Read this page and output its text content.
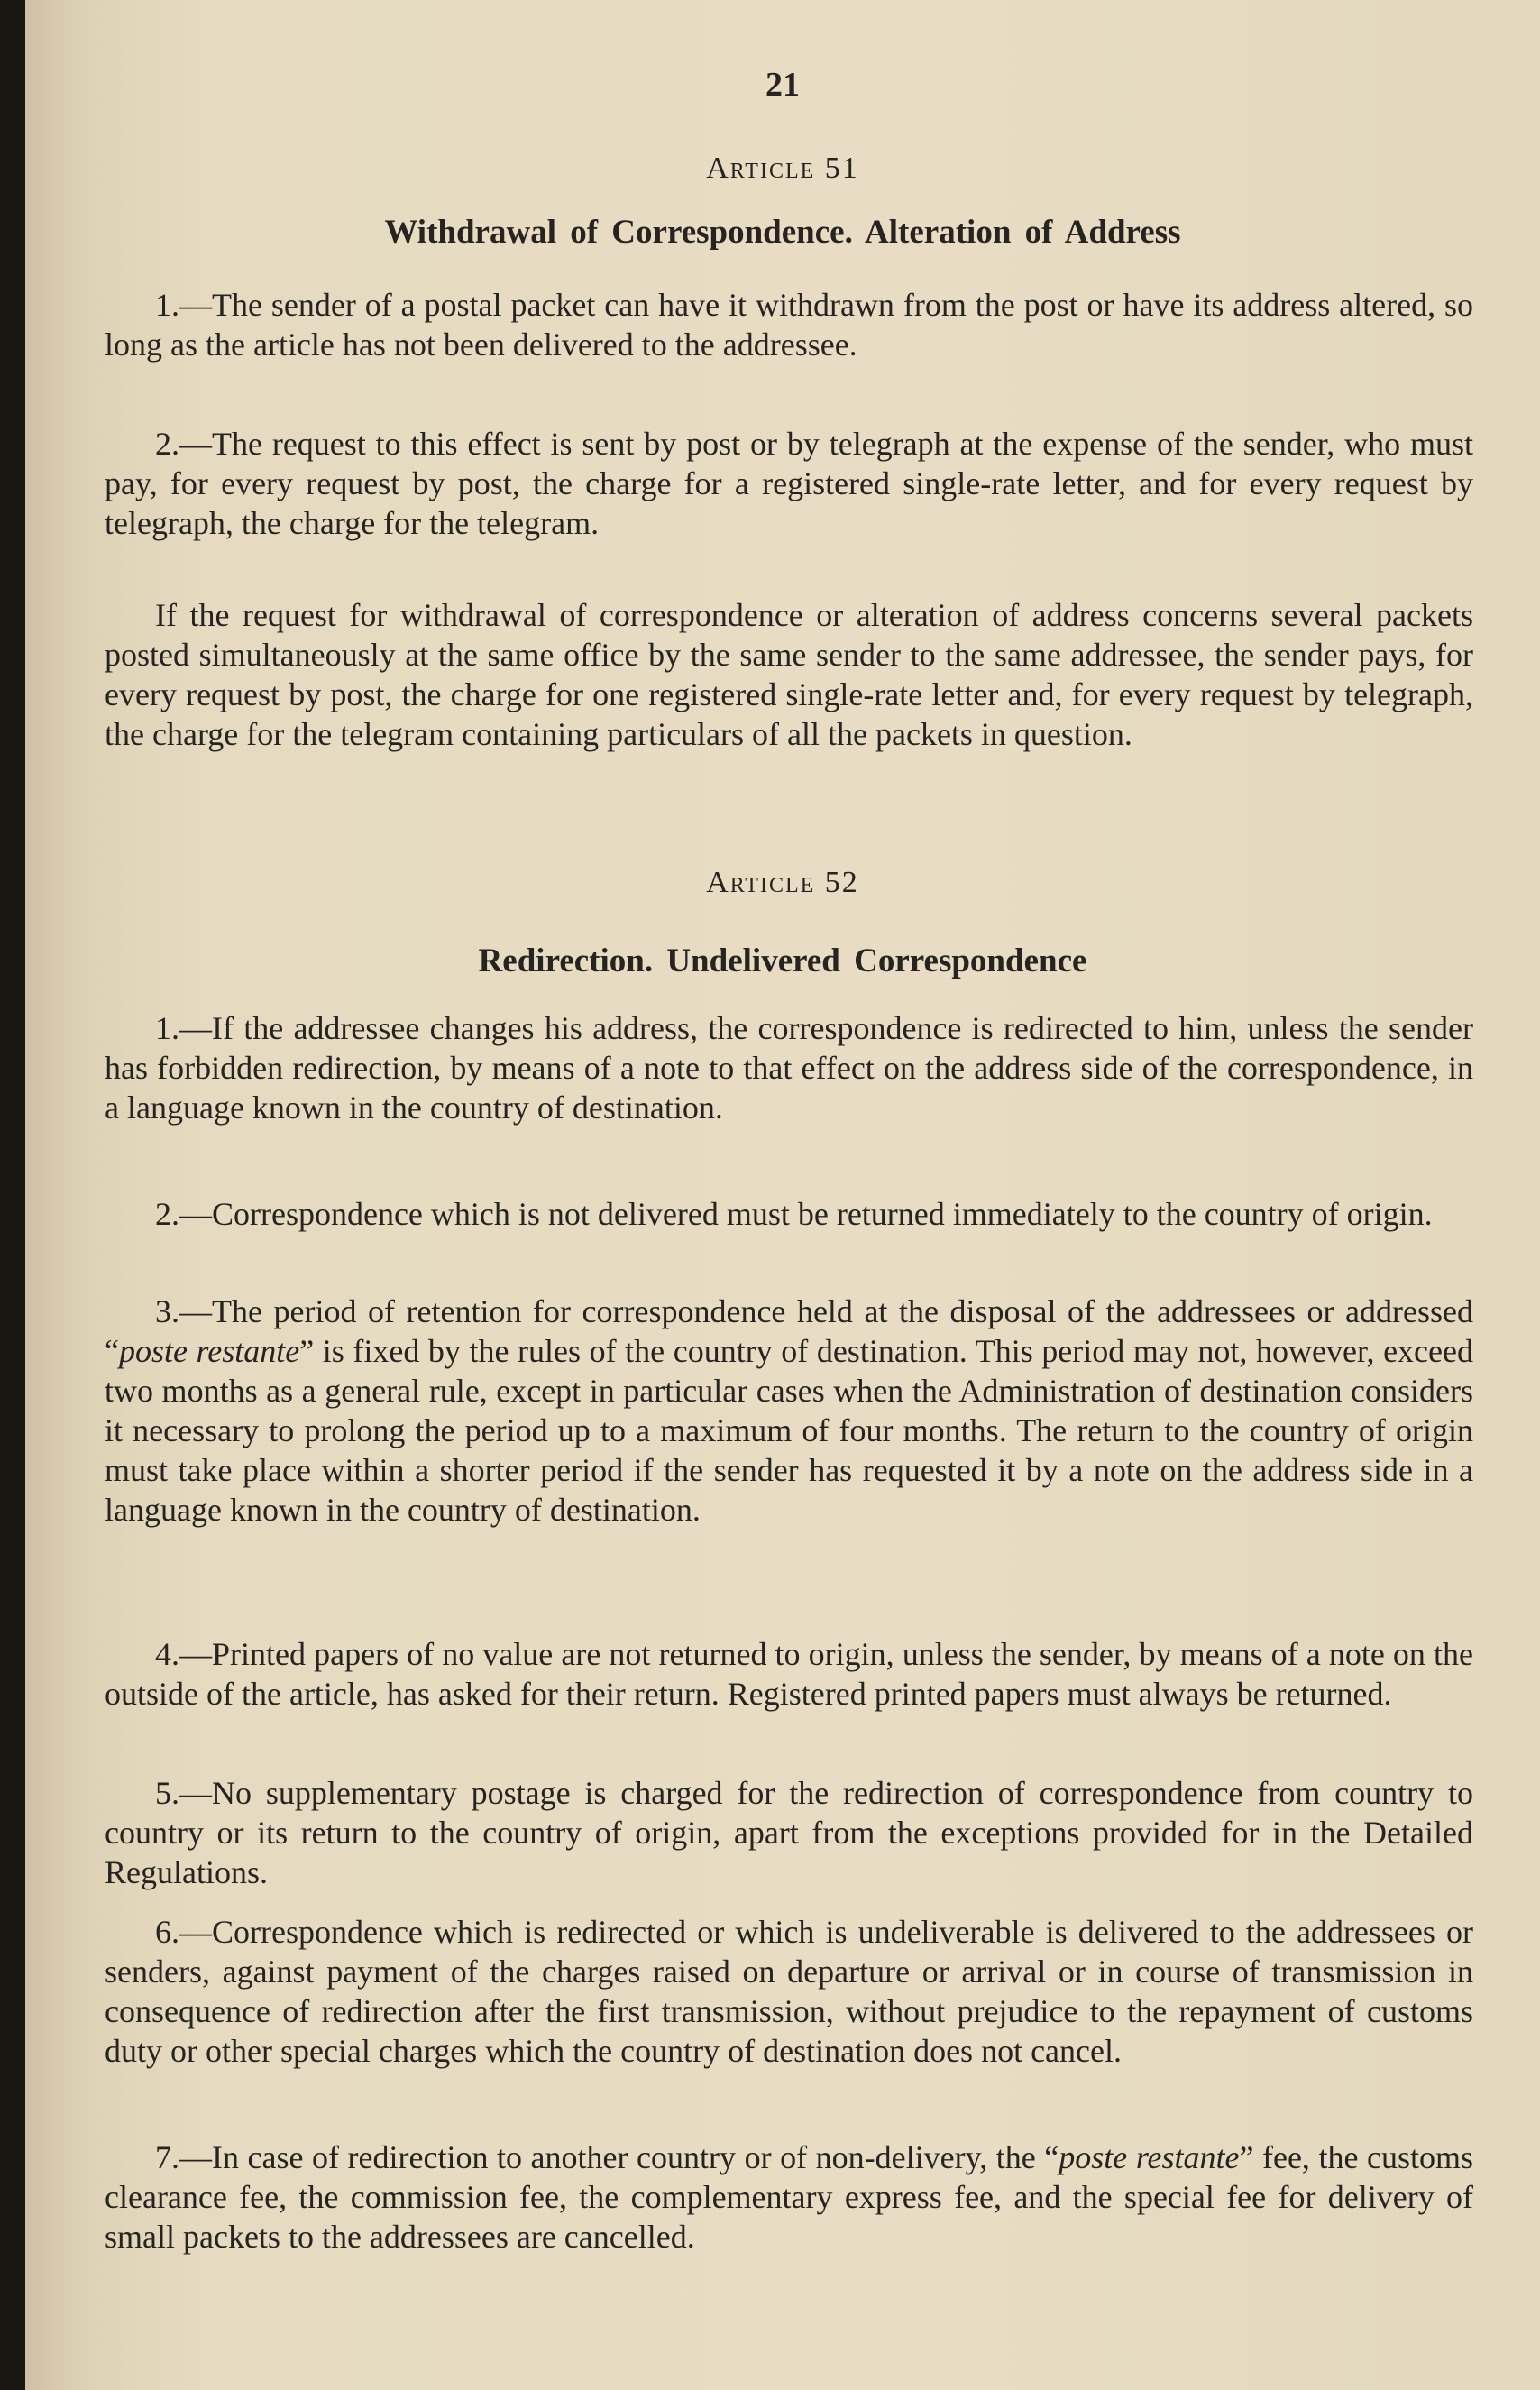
21

Article 51

Withdrawal of Correspondence. Alteration of Address

1.—The sender of a postal packet can have it withdrawn from the post or have its address altered, so long as the article has not been delivered to the addressee.

2.—The request to this effect is sent by post or by telegraph at the expense of the sender, who must pay, for every request by post, the charge for a registered single-rate letter, and for every request by telegraph, the charge for the telegram.

If the request for withdrawal of correspondence or alteration of address concerns several packets posted simultaneously at the same office by the same sender to the same addressee, the sender pays, for every request by post, the charge for one registered single-rate letter and, for every request by telegraph, the charge for the telegram containing particulars of all the packets in question.

Article 52

Redirection. Undelivered Correspondence

1.—If the addressee changes his address, the correspondence is redirected to him, unless the sender has forbidden redirection, by means of a note to that effect on the address side of the correspondence, in a language known in the country of destination.

2.—Correspondence which is not delivered must be returned immediately to the country of origin.

3.—The period of retention for correspondence held at the disposal of the addressees or addressed “poste restante” is fixed by the rules of the country of destination. This period may not, however, exceed two months as a general rule, except in particular cases when the Administration of destination considers it necessary to prolong the period up to a maximum of four months. The return to the country of origin must take place within a shorter period if the sender has requested it by a note on the address side in a language known in the country of destination.

4.—Printed papers of no value are not returned to origin, unless the sender, by means of a note on the outside of the article, has asked for their return. Registered printed papers must always be returned.

5.—No supplementary postage is charged for the redirection of correspondence from country to country or its return to the country of origin, apart from the exceptions provided for in the Detailed Regulations.

6.—Correspondence which is redirected or which is undeliverable is delivered to the addressees or senders, against payment of the charges raised on departure or arrival or in course of transmission in consequence of redirection after the first transmission, without prejudice to the repayment of customs duty or other special charges which the country of destination does not cancel.

7.—In case of redirection to another country or of non-delivery, the “poste restante” fee, the customs clearance fee, the commission fee, the complementary express fee, and the special fee for delivery of small packets to the addressees are cancelled.
